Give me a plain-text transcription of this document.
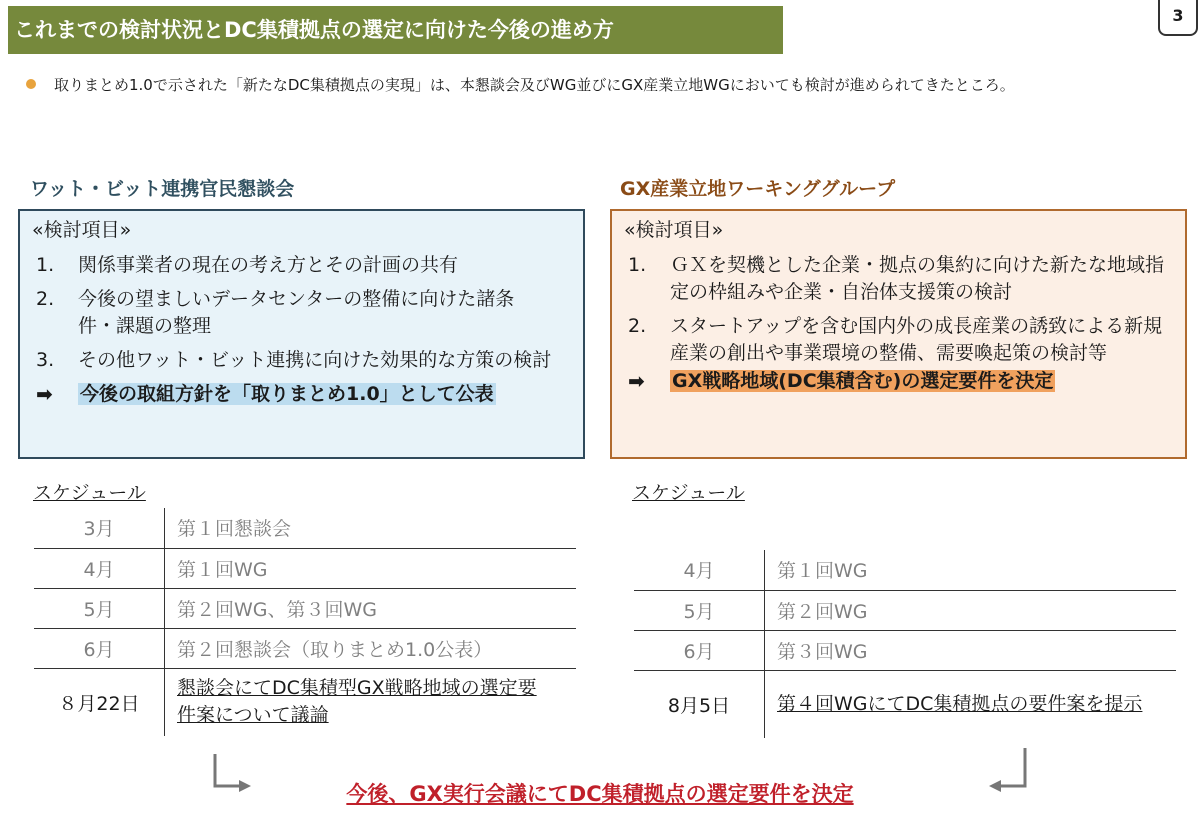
これまでの検討状況とDC集積拠点の選定に向けた今後の進め方
3
取りまとめ1.0で示された「新たなDC集積拠点の実現」は、本懇談会及びWG並びにGX産業立地WGにおいても検討が進められてきたところ。
ワット・ビット連携官民懇談会
«検討項目»
1. 関係事業者の現在の考え方とその計画の共有
2. 今後の望ましいデータセンターの整備に向けた諸条件・課題の整理
3. その他ワット・ビット連携に向けた効果的な方策の検討
➡ 今後の取組方針を「取りまとめ1.0」として公表
GX産業立地ワーキンググループ
«検討項目»
1. ＧＸを契機とした企業・拠点の集約に向けた新たな地域指定の枠組みや企業・自治体支援策の検討
2. スタートアップを含む国内外の成長産業の誘致による新規産業の創出や事業環境の整備、需要喚起策の検討等
➡ GX戦略地域(DC集積含む)の選定要件を決定
スケジュール	スケジュール
3月	第１回懇談会
4月	第１回WG
5月	第２回WG、第３回WG
6月	第２回懇談会（取りまとめ1.0公表）
８月22日	懇談会にてDC集積型GX戦略地域の選定要件案について議論
4月	第１回WG
5月	第２回WG
6月	第３回WG
8月5日	第４回WGにてDC集積拠点の要件案を提示
今後、GX実行会議にてDC集積拠点の選定要件を決定
